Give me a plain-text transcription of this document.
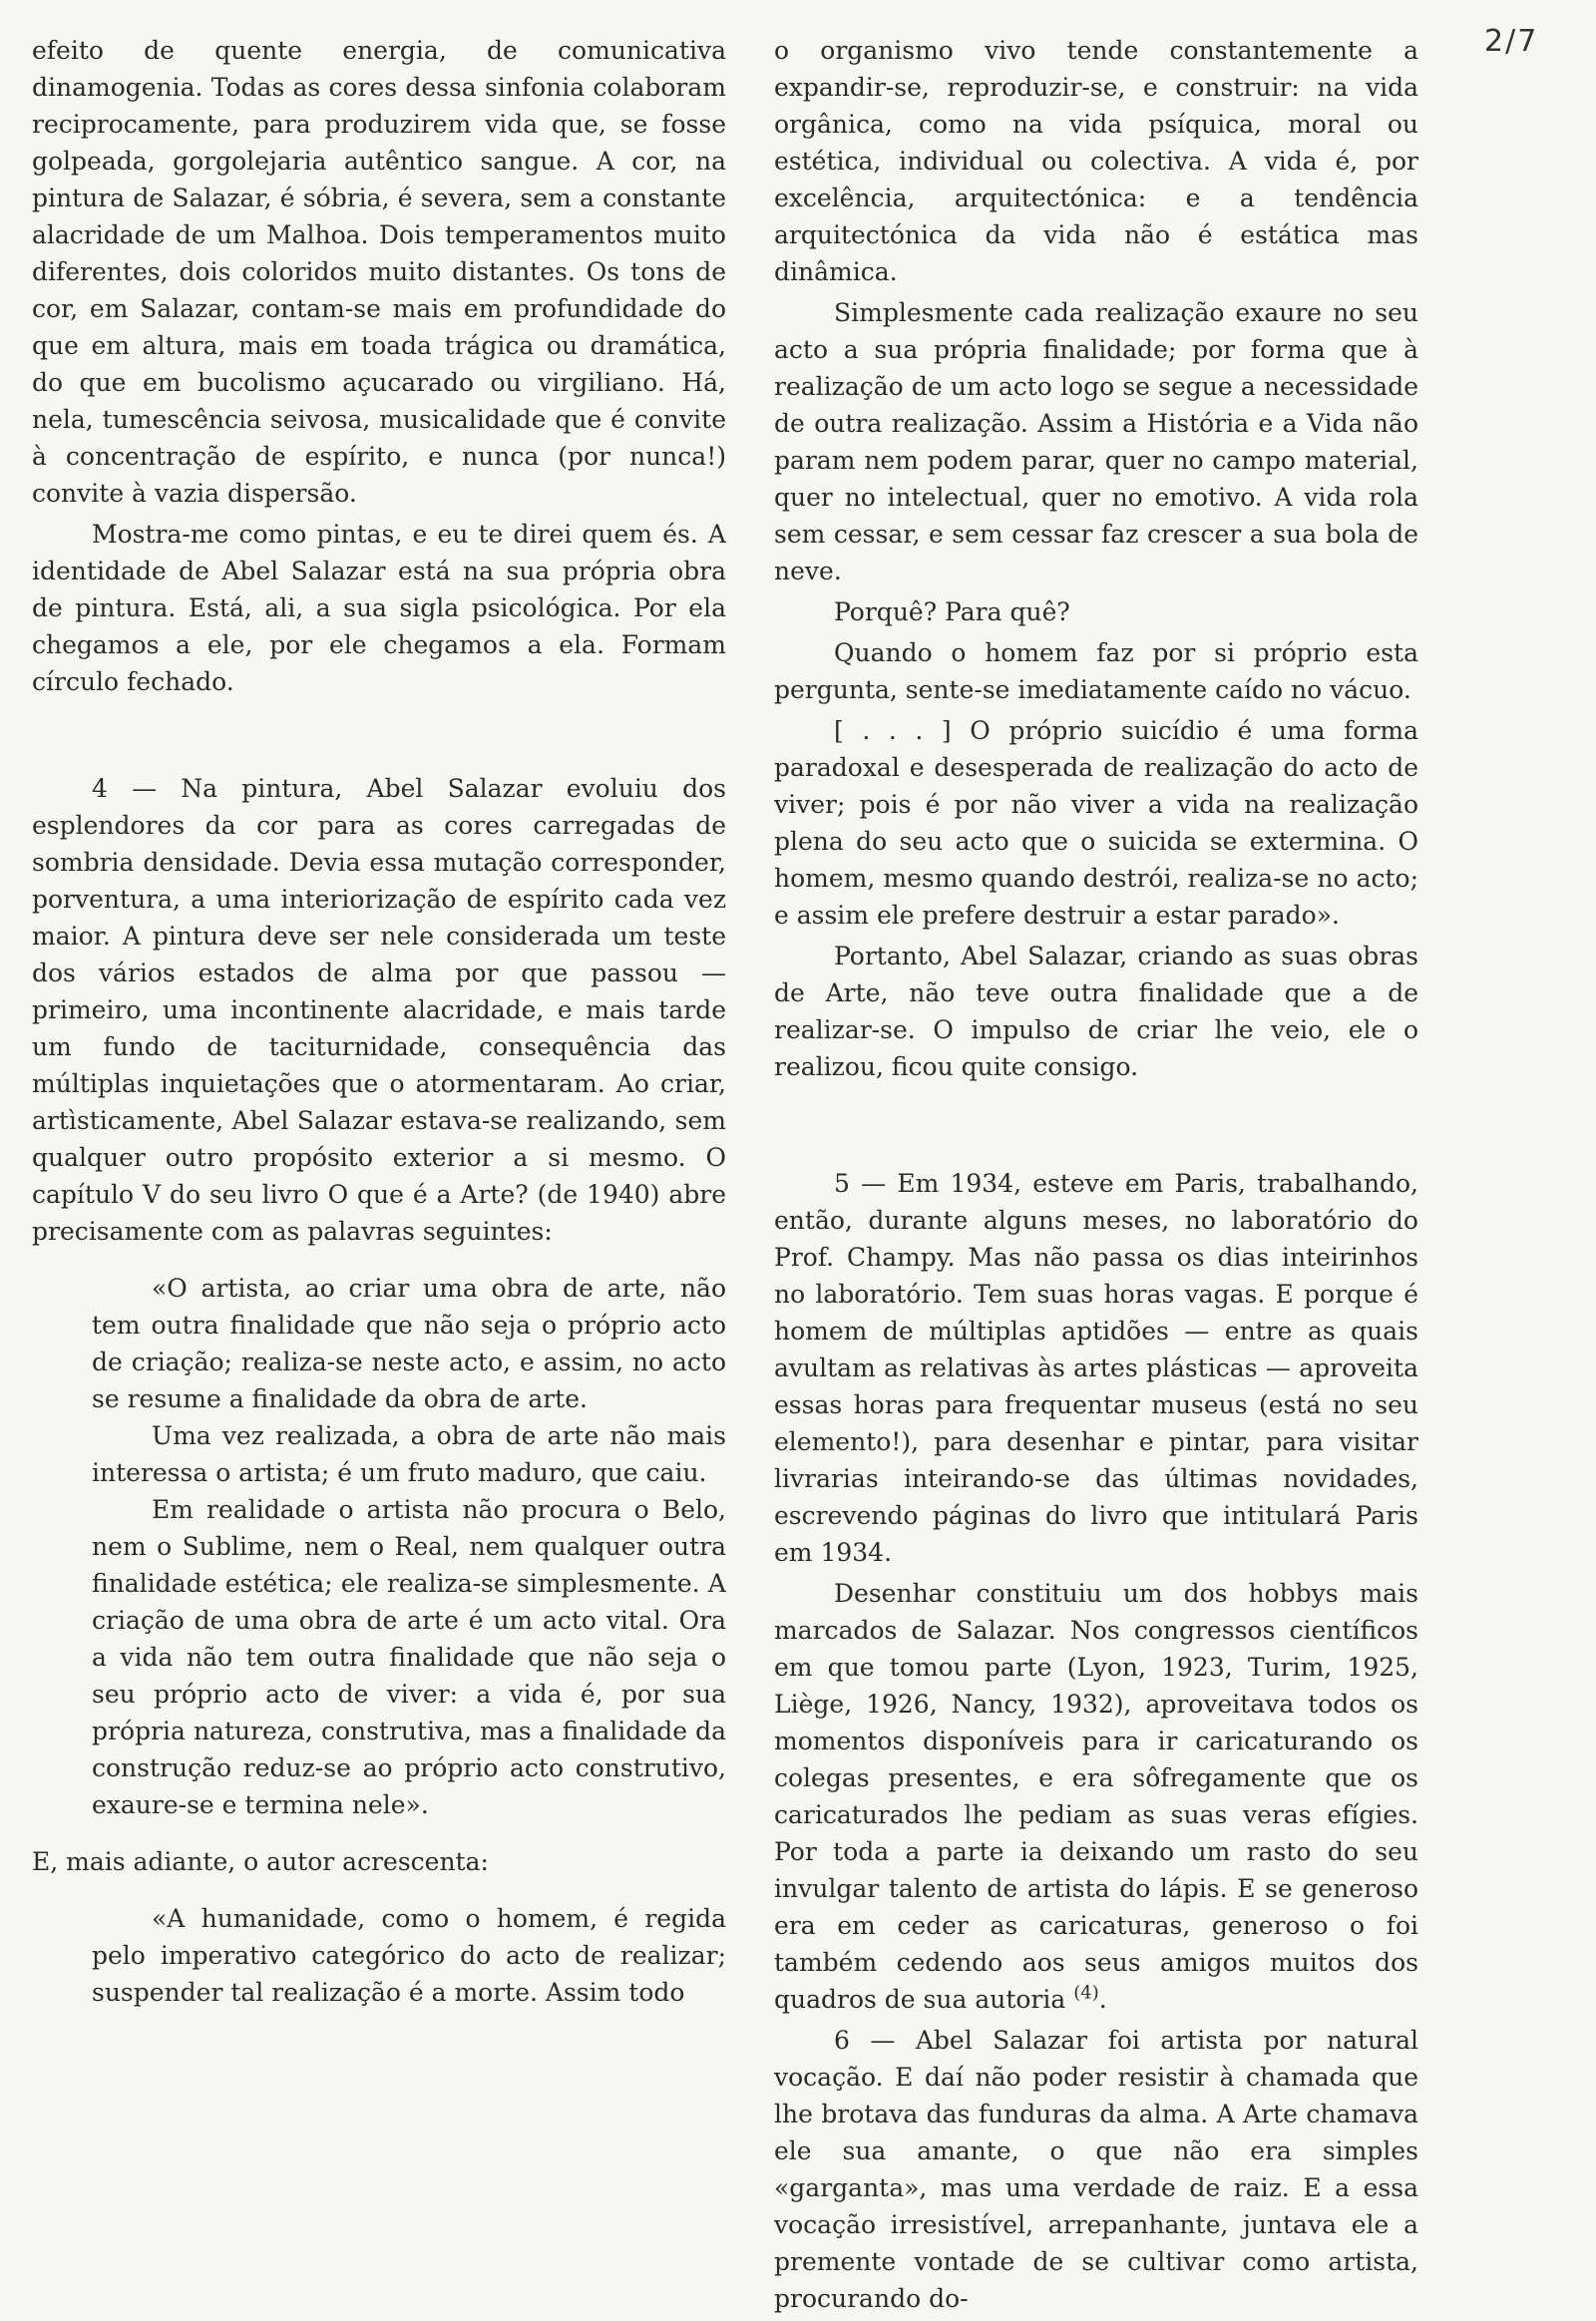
2/7

efeito de quente energia, de comunicativa dinamogenia. Todas as cores dessa sinfonia colaboram reciprocamente, para produzirem vida que, se fosse golpeada, gorgolejaria autêntico sangue. A cor, na pintura de Salazar, é sóbria, é severa, sem a constante alacridade de um Malhoa. Dois temperamentos muito diferentes, dois coloridos muito distantes. Os tons de cor, em Salazar, contam-se mais em profundidade do que em altura, mais em toada trágica ou dramática, do que em bucolismo açucarado ou virgiliano. Há, nela, tumescência seivosa, musicalidade que é convite à concentração de espírito, e nunca (por nunca!) convite à vazia dispersão.

Mostra-me como pintas, e eu te direi quem és. A identidade de Abel Salazar está na sua própria obra de pintura. Está, ali, a sua sigla psicológica. Por ela chegamos a ele, por ele chegamos a ela. Formam círculo fechado.

4 — Na pintura, Abel Salazar evoluiu dos esplendores da cor para as cores carregadas de sombria densidade. Devia essa mutação corresponder, porventura, a uma interiorização de espírito cada vez maior. A pintura deve ser nele considerada um teste dos vários estados de alma por que passou — primeiro, uma incontinente alacridade, e mais tarde um fundo de taciturnidade, consequência das múltiplas inquietações que o atormentaram. Ao criar, artìsticamente, Abel Salazar estava-se realizando, sem qualquer outro propósito exterior a si mesmo. O capítulo V do seu livro O que é a Arte? (de 1940) abre precisamente com as palavras seguintes:

«O artista, ao criar uma obra de arte, não tem outra finalidade que não seja o próprio acto de criação; realiza-se neste acto, e assim, no acto se resume a finalidade da obra de arte.

Uma vez realizada, a obra de arte não mais interessa o artista; é um fruto maduro, que caiu.

Em realidade o artista não procura o Belo, nem o Sublime, nem o Real, nem qualquer outra finalidade estética; ele realiza-se simplesmente. A criação de uma obra de arte é um acto vital. Ora a vida não tem outra finalidade que não seja o seu próprio acto de viver: a vida é, por sua própria natureza, construtiva, mas a finalidade da construção reduz-se ao próprio acto construtivo, exaure-se e termina nele».

E, mais adiante, o autor acrescenta:

«A humanidade, como o homem, é regida pelo imperativo categórico do acto de realizar; suspender tal realização é a morte. Assim todo

o organismo vivo tende constantemente a expandir-se, reproduzir-se, e construir: na vida orgânica, como na vida psíquica, moral ou estética, individual ou colectiva. A vida é, por excelência, arquitectónica: e a tendência arquitectónica da vida não é estática mas dinâmica.

Simplesmente cada realização exaure no seu acto a sua própria finalidade; por forma que à realização de um acto logo se segue a necessidade de outra realização. Assim a História e a Vida não param nem podem parar, quer no campo material, quer no intelectual, quer no emotivo. A vida rola sem cessar, e sem cessar faz crescer a sua bola de neve.

Porquê? Para quê?

Quando o homem faz por si próprio esta pergunta, sente-se imediatamente caído no vácuo.

[ . . . ] O próprio suicídio é uma forma paradoxal e desesperada de realização do acto de viver; pois é por não viver a vida na realização plena do seu acto que o suicida se extermina. O homem, mesmo quando destrói, realiza-se no acto; e assim ele prefere destruir a estar parado».

Portanto, Abel Salazar, criando as suas obras de Arte, não teve outra finalidade que a de realizar-se. O impulso de criar lhe veio, ele o realizou, ficou quite consigo.

5 — Em 1934, esteve em Paris, trabalhando, então, durante alguns meses, no laboratório do Prof. Champy. Mas não passa os dias inteirinhos no laboratório. Tem suas horas vagas. E porque é homem de múltiplas aptidões — entre as quais avultam as relativas às artes plásticas — aproveita essas horas para frequentar museus (está no seu elemento!), para desenhar e pintar, para visitar livrarias inteirando-se das últimas novidades, escrevendo páginas do livro que intitulará Paris em 1934.

Desenhar constituiu um dos hobbys mais marcados de Salazar. Nos congressos científicos em que tomou parte (Lyon, 1923, Turim, 1925, Liège, 1926, Nancy, 1932), aproveitava todos os momentos disponíveis para ir caricaturando os colegas presentes, e era sôfregamente que os caricaturados lhe pediam as suas veras efígies. Por toda a parte ia deixando um rasto do seu invulgar talento de artista do lápis. E se generoso era em ceder as caricaturas, generoso o foi também cedendo aos seus amigos muitos dos quadros de sua autoria $^{(4)}$.

6 — Abel Salazar foi artista por natural vocação. E daí não poder resistir à chamada que lhe brotava das funduras da alma. A Arte chamava ele sua amante, o que não era simples «garganta», mas uma verdade de raiz. E a essa vocação irresistível, arrepanhante, juntava ele a premente vontade de se cultivar como artista, procurando do-
